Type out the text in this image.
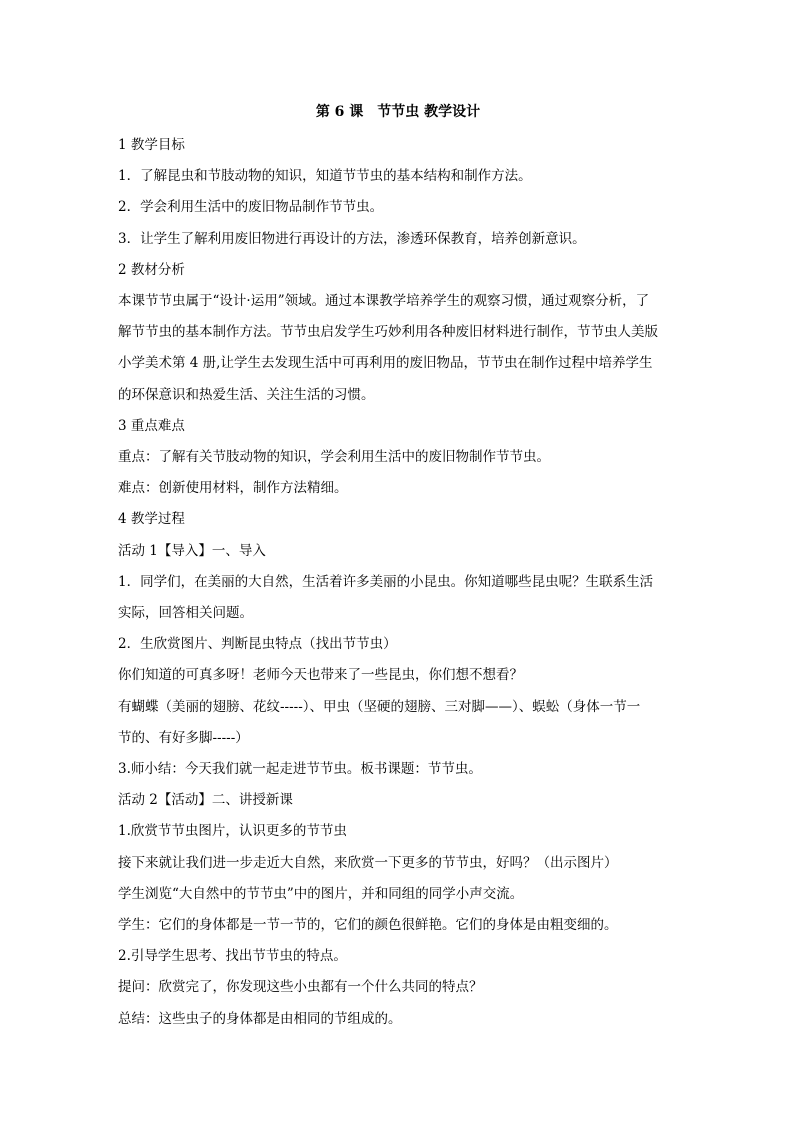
第 6 课　节节虫 教学设计
1 教学目标
1．了解昆虫和节肢动物的知识，知道节节虫的基本结构和制作方法。
2．学会利用生活中的废旧物品制作节节虫。
3．让学生了解利用废旧物进行再设计的方法，渗透环保教育，培养创新意识。
2 教材分析
本课节节虫属于“设计·运用”领域。通过本课教学培养学生的观察习惯，通过观察分析，了
解节节虫的基本制作方法。节节虫启发学生巧妙利用各种废旧材料进行制作，节节虫人美版
小学美术第 4 册,让学生去发现生活中可再利用的废旧物品，节节虫在制作过程中培养学生
的环保意识和热爱生活、关注生活的习惯。
3 重点难点
重点：了解有关节肢动物的知识，学会利用生活中的废旧物制作节节虫。
难点：创新使用材料，制作方法精细。
4 教学过程
活动 1【导入】一、导入
1．同学们，在美丽的大自然，生活着许多美丽的小昆虫。你知道哪些昆虫呢？生联系生活
实际，回答相关问题。
2．生欣赏图片、判断昆虫特点（找出节节虫）
你们知道的可真多呀！老师今天也带来了一些昆虫，你们想不想看？
有蝴蝶（美丽的翅膀、花纹-----）、甲虫（坚硬的翅膀、三对脚——）、蜈蚣（身体一节一
节的、有好多脚-----）
3.师小结：今天我们就一起走进节节虫。板书课题：节节虫。
活动 2【活动】二、讲授新课
1.欣赏节节虫图片，认识更多的节节虫
接下来就让我们进一步走近大自然，来欣赏一下更多的节节虫，好吗？（出示图片）
学生浏览“大自然中的节节虫”中的图片，并和同组的同学小声交流。
学生：它们的身体都是一节一节的，它们的颜色很鲜艳。它们的身体是由粗变细的。
2.引导学生思考、找出节节虫的特点。
提问：欣赏完了，你发现这些小虫都有一个什么共同的特点？
总结：这些虫子的身体都是由相同的节组成的。
